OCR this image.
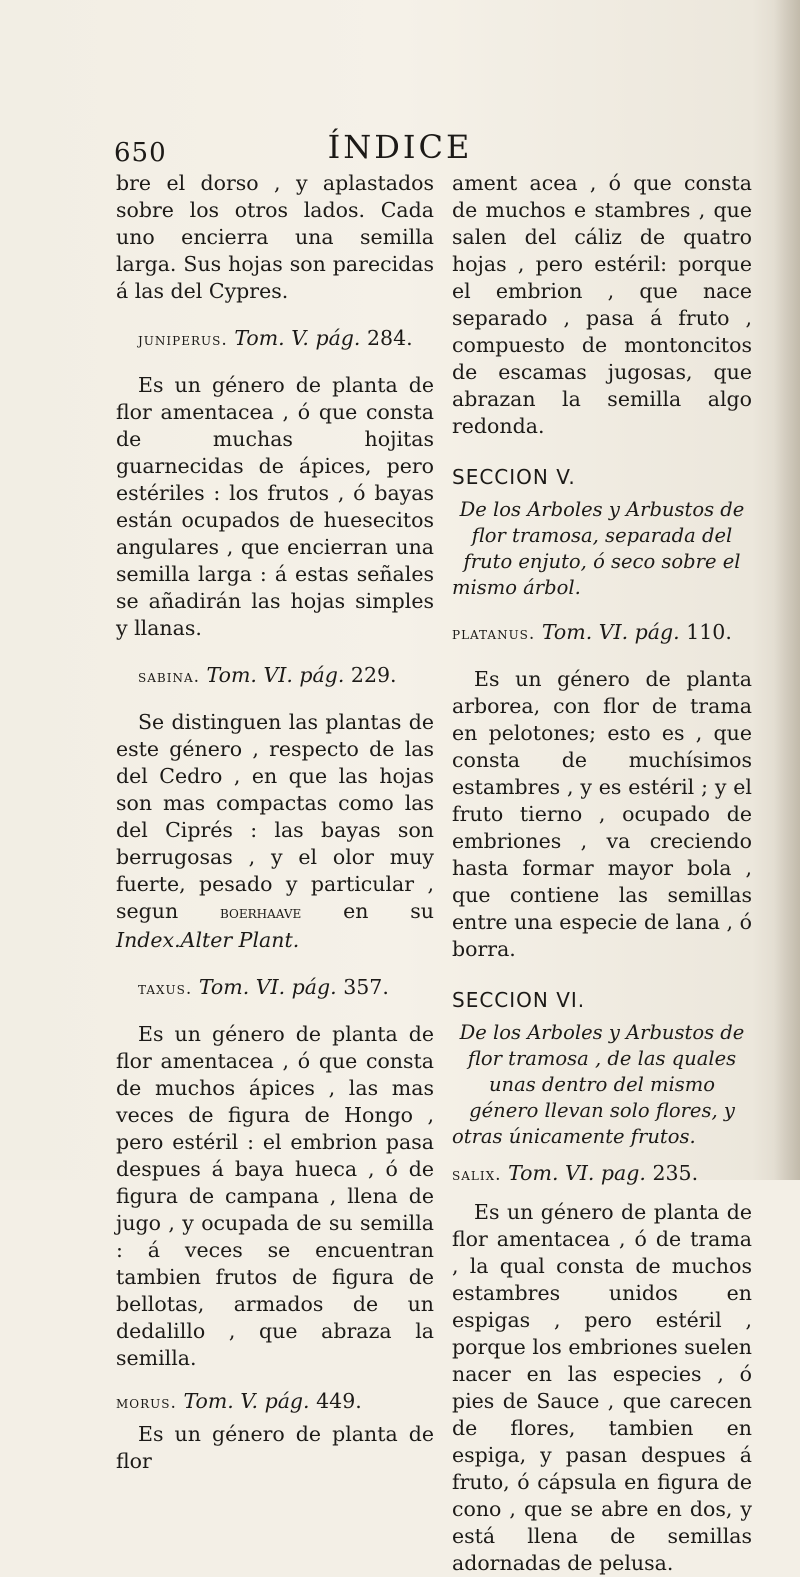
650	ÍNDICE

bre el dorso , y aplastados sobre los otros lados. Cada uno encierra una semilla larga. Sus hojas son parecidas á las del Cypres.

juniperus. Tom. V. pág. 284.

Es un género de planta de flor amentacea , ó que consta de muchas hojitas guarnecidas de ápices, pero estériles : los frutos , ó bayas están ocupados de huesecitos angulares , que encierran una semilla larga : á estas señales se añadirán las hojas simples y llanas.

sabina. Tom. VI. pág. 229.

Se distinguen las plantas de este género , respecto de las del Cedro , en que las hojas son mas compactas como las del Ciprés : las bayas son berrugosas , y el olor muy fuerte, pesado y particular , segun boerhaave en su Index.Alter Plant.

taxus. Tom. VI. pág. 357.

Es un género de planta de flor amentacea , ó que consta de muchos ápices , las mas veces de figura de Hongo , pero estéril : el embrion pasa despues á baya hueca , ó de figura de campana , llena de jugo , y ocupada de su semilla : á veces se encuentran tambien frutos de figura de bellotas, armados de un dedalillo , que abraza la semilla.

morus. Tom. V. pág. 449.

Es un género de planta de flor

ament acea , ó que consta de muchos e stambres , que salen del cáliz de quatro hojas , pero estéril: porque el embrion , que nace separado , pasa á fruto , compuesto de montoncitos de escamas jugosas, que abrazan la semilla algo redonda.

SECCION V.

De los Arboles y Arbustos de flor tramosa, separada del fruto enjuto, ó seco sobre el mismo árbol.

platanus. Tom. VI. pág. 110.

Es un género de planta arborea, con flor de trama en pelotones; esto es , que consta de muchísimos estambres , y es estéril ; y el fruto tierno , ocupado de embriones , va creciendo hasta formar mayor bola , que contiene las semillas entre una especie de lana , ó borra.

SECCION VI.

De los Arboles y Arbustos de flor tramosa , de las quales unas dentro del mismo género llevan solo flores, y otras únicamente frutos.

salix. Tom. VI. pag. 235.

Es un género de planta de flor amentacea , ó de trama , la qual consta de muchos estambres unidos en espigas , pero estéril , porque los embriones suelen nacer en las especies , ó pies de Sauce , que carecen de flores, tambien en espiga, y pasan despues á fruto, ó cápsula en figura de cono , que se abre en dos, y está llena de semillas adornadas de pelusa.
